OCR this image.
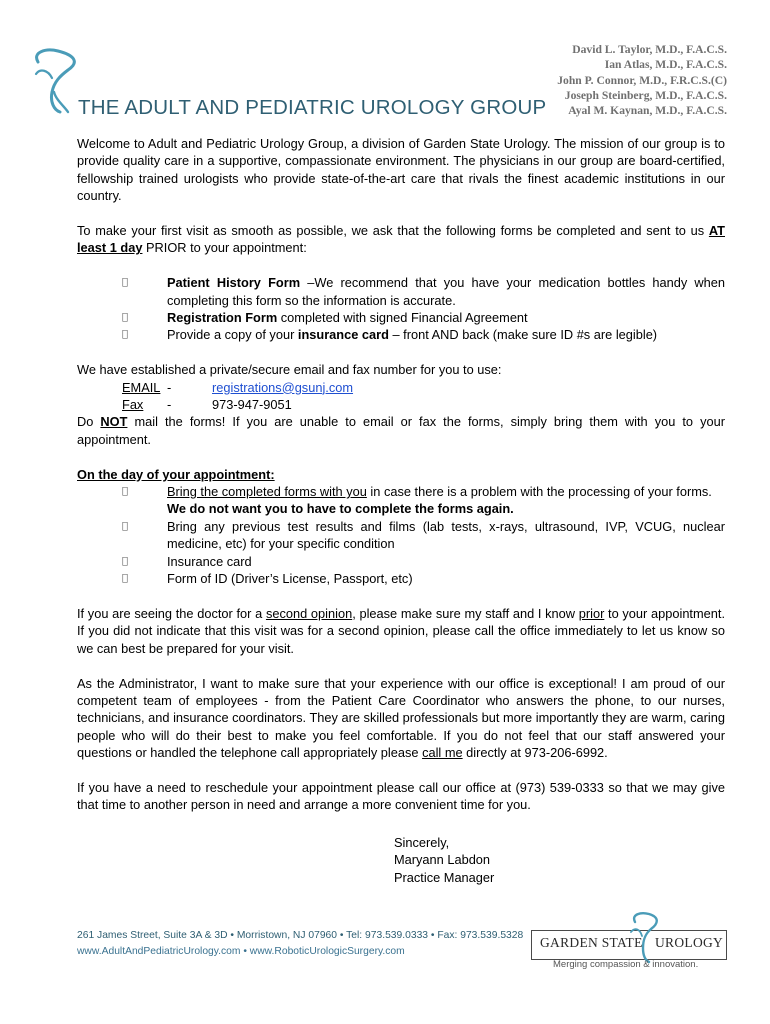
THE ADULT AND PEDIATRIC UROLOGY GROUP
David L. Taylor, M.D., F.A.C.S.
Ian Atlas, M.D., F.A.C.S.
John P. Connor, M.D., F.R.C.S.(C)
Joseph Steinberg, M.D., F.A.C.S.
Ayal M. Kaynan, M.D., F.A.C.S.

Welcome to Adult and Pediatric Urology Group, a division of Garden State Urology. The mission of our group is to provide quality care in a supportive, compassionate environment. The physicians in our group are board-certified, fellowship trained urologists who provide state-of-the-art care that rivals the finest academic institutions in our country.

To make your first visit as smooth as possible, we ask that the following forms be completed and sent to us AT least 1 day PRIOR to your appointment:

Patient History Form –We recommend that you have your medication bottles handy when completing this form so the information is accurate.
Registration Form completed with signed Financial Agreement
Provide a copy of your insurance card – front AND back (make sure ID #s are legible)

We have established a private/secure email and fax number for you to use:

EMAIL -	registrations@gsunj.com
Fax	-	973-947-9051

Do NOT mail the forms! If you are unable to email or fax the forms, simply bring them with you to your appointment.

On the day of your appointment:

Bring the completed forms with you in case there is a problem with the processing of your forms.
We do not want you to have to complete the forms again.
Bring any previous test results and films (lab tests, x-rays, ultrasound, IVP, VCUG, nuclear medicine, etc) for your specific condition
Insurance card
Form of ID (Driver’s License, Passport, etc)

If you are seeing the doctor for a second opinion, please make sure my staff and I know prior to your appointment. If you did not indicate that this visit was for a second opinion, please call the office immediately to let us know so we can best be prepared for your visit.

As the Administrator, I want to make sure that your experience with our office is exceptional! I am proud of our competent team of employees - from the Patient Care Coordinator who answers the phone, to our nurses, technicians, and insurance coordinators. They are skilled professionals but more importantly they are warm, caring people who will do their best to make you feel comfortable. If you do not feel that our staff answered your questions or handled the telephone call appropriately please call me directly at 973-206-6992.

If you have a need to reschedule your appointment please call our office at (973) 539-0333 so that we may give that time to another person in need and arrange a more convenient time for you.

Sincerely,
Maryann Labdon
Practice Manager
261 James Street, Suite 3A & 3D • Morristown, NJ 07960 • Tel: 973.539.0333 • Fax: 973.539.5328
www.AdultAndPediatricUrology.com • www.RoboticUrologicSurgery.com
GARDEN STATE UROLOGY
Merging compassion & innovation.
